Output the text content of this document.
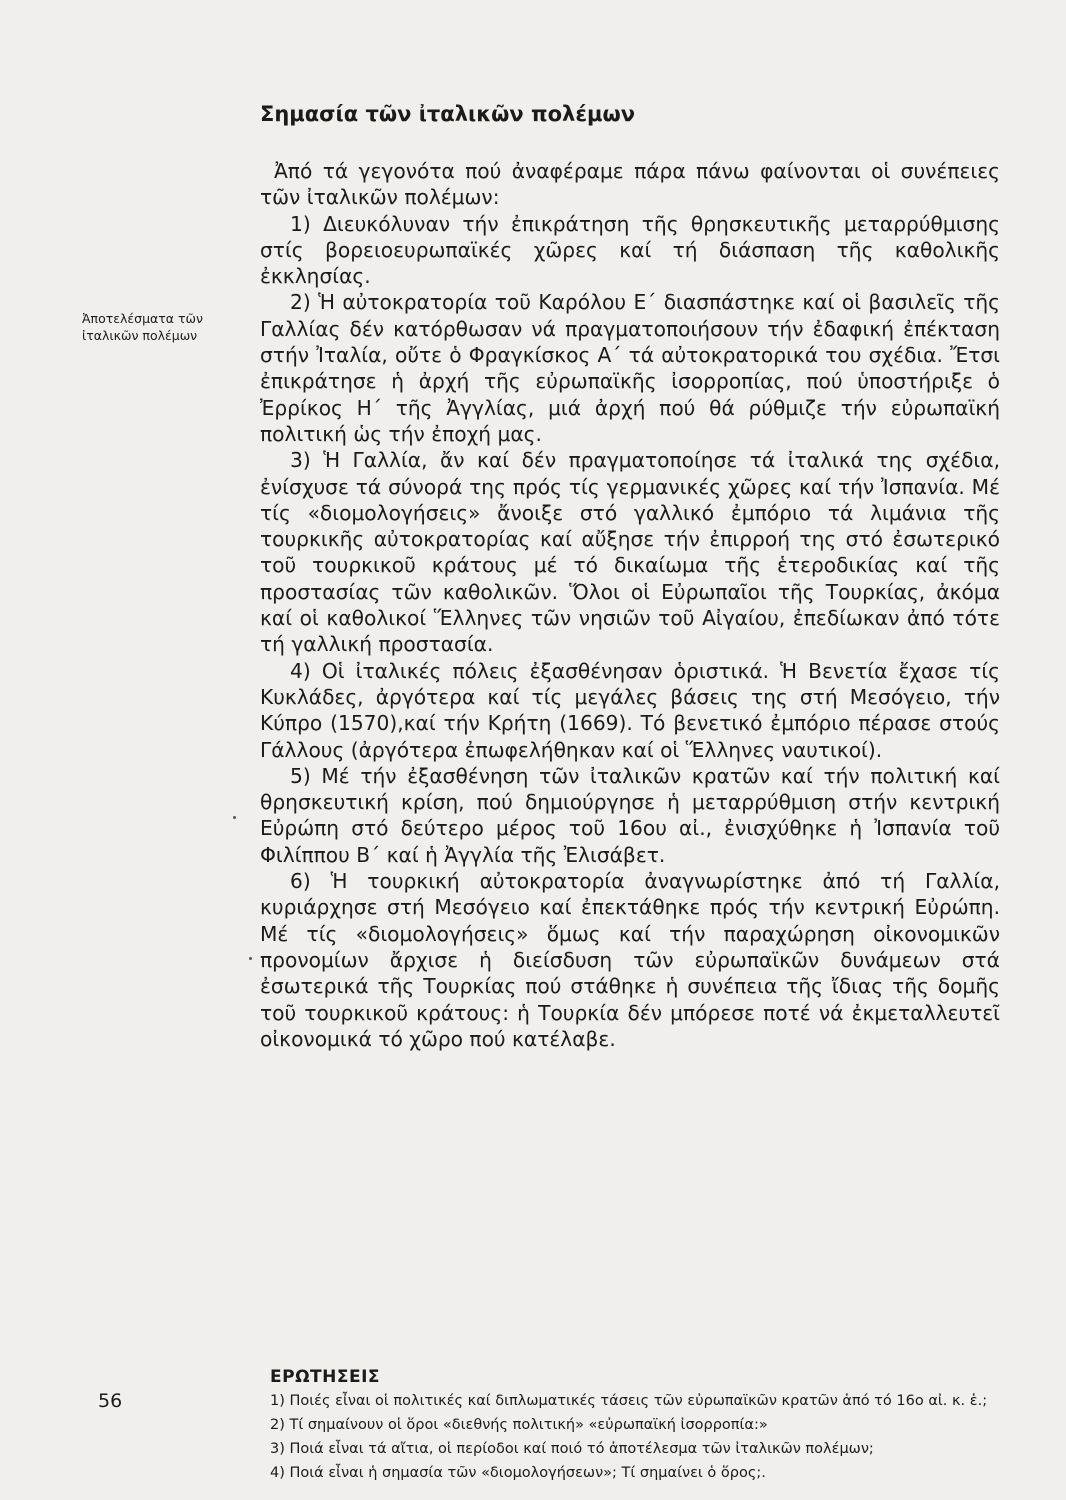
Σημασία τῶν ἰταλικῶν πολέμων
Ἀποτελέσματα τῶν ἰταλικῶν πολέμων

Ἀπό τά γεγονότα πού ἀναφέραμε πάρα πάνω φαίνονται οἱ συνέπειες τῶν ἰταλικῶν πολέμων:

1) Διευκόλυναν τήν ἐπικράτηση τῆς θρησκευτικῆς μεταρρύθμισης στίς βορειοευρωπαϊκές χῶρες καί τή διάσπαση τῆς καθολικῆς ἐκκλησίας.

2) Ἡ αὐτοκρατορία τοῦ Καρόλου Ε΄ διασπάστηκε καί οἱ βασιλεῖς τῆς Γαλλίας δέν κατόρθωσαν νά πραγματοποιήσουν τήν ἐδαφική ἐπέκταση στήν Ἰταλία, οὔτε ὁ Φραγκίσκος Α΄ τά αὐτοκρατορικά του σχέδια. Ἔτσι ἐπικράτησε ἡ ἀρχή τῆς εὐρωπαϊκῆς ἰσορροπίας, πού ὑποστήριξε ὁ Ἐρρίκος Η΄ τῆς Ἀγγλίας, μιά ἀρχή πού θά ρύθμιζε τήν εὐρωπαϊκή πολιτική ὡς τήν ἐποχή μας.

3) Ἡ Γαλλία, ἄν καί δέν πραγματοποίησε τά ἰταλικά της σχέδια, ἐνίσχυσε τά σύνορά της πρός τίς γερμανικές χῶρες καί τήν Ἰσπανία. Μέ τίς «διομολογήσεις» ἄνοιξε στό γαλλικό ἐμπόριο τά λιμάνια τῆς τουρκικῆς αὐτοκρατορίας καί αὔξησε τήν ἐπιρροή της στό ἐσωτερικό τοῦ τουρκικοῦ κράτους μέ τό δικαίωμα τῆς ἑτεροδικίας καί τῆς προστασίας τῶν καθολικῶν. Ὅλοι οἱ Εὐρωπαῖοι τῆς Τουρκίας, ἀκόμα καί οἱ καθολικοί Ἕλληνες τῶν νησιῶν τοῦ Αἰγαίου, ἐπεδίωκαν ἀπό τότε τή γαλλική προστασία.

4) Οἱ ἰταλικές πόλεις ἐξασθένησαν ὁριστικά. Ἡ Βενετία ἔχασε τίς Κυκλάδες, ἀργότερα καί τίς μεγάλες βάσεις της στή Μεσόγειο, τήν Κύπρο (1570),καί τήν Κρήτη (1669). Τό βενετικό ἐμπόριο πέρασε στούς Γάλλους (ἀργότερα ἐπωφελήθηκαν καί οἱ Ἕλληνες ναυτικοί).

5) Μέ τήν ἐξασθένηση τῶν ἰταλικῶν κρατῶν καί τήν πολιτική καί θρησκευτική κρίση, πού δημιούργησε ἡ μεταρρύθμιση στήν κεντρική Εὐρώπη στό δεύτερο μέρος τοῦ 16ου αἰ., ἐνισχύθηκε ἡ Ἰσπανία τοῦ Φιλίππου Β΄ καί ἡ Ἀγγλία τῆς Ἐλισάβετ.

6) Ἡ τουρκική αὐτοκρατορία ἀναγνωρίστηκε ἀπό τή Γαλλία, κυριάρχησε στή Μεσόγειο καί ἐπεκτάθηκε πρός τήν κεντρική Εὐρώπη. Μέ τίς «διομολογήσεις» ὅμως καί τήν παραχώρηση οἰκονομικῶν προνομίων ἄρχισε ἡ διείσδυση τῶν εὐρωπαϊκῶν δυνάμεων στά ἐσωτερικά τῆς Τουρκίας πού στάθηκε ἡ συνέπεια τῆς ἴδιας τῆς δομῆς τοῦ τουρκικοῦ κράτους: ἡ Τουρκία δέν μπόρεσε ποτέ νά ἐκμεταλλευτεῖ οἰκονομικά τό χῶρο πού κατέλαβε.

ΕΡΩΤΗΣΕΙΣ
1) Ποιές εἶναι οἱ πολιτικές καί διπλωματικές τάσεις τῶν εὐρωπαϊκῶν κρατῶν ἀπό τό 16ο αἰ. κ. ἑ.;
2) Τί σημαίνουν οἱ ὅροι «διεθνής πολιτική» «εὐρωπαϊκή ἰσορροπία:»
3) Ποιά εἶναι τά αἴτια, οἱ περίοδοι καί ποιό τό ἀποτέλεσμα τῶν ἰταλικῶν πολέμων;
4) Ποιά εἶναι ἡ σημασία τῶν «διομολογήσεων»; Τί σημαίνει ὁ ὅρος;.
56
